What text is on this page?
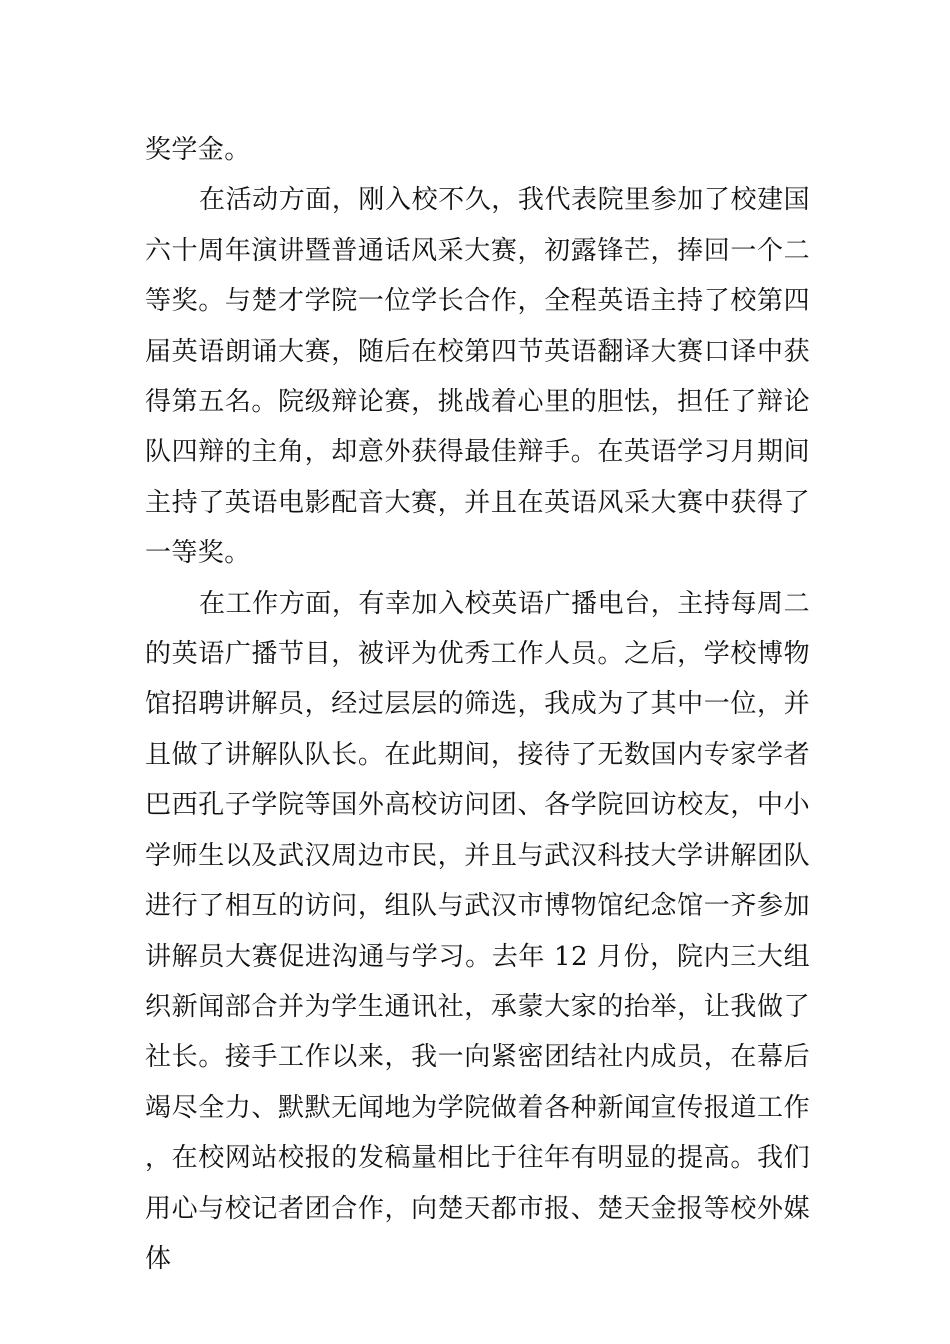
奖学金。

在活动方面，刚入校不久，我代表院里参加了校建国六十周年演讲暨普通话风采大赛，初露锋芒，捧回一个二等奖。与楚才学院一位学长合作，全程英语主持了校第四届英语朗诵大赛，随后在校第四节英语翻译大赛口译中获得第五名。院级辩论赛，挑战着心里的胆怯，担任了辩论队四辩的主角，却意外获得最佳辩手。在英语学习月期间主持了英语电影配音大赛，并且在英语风采大赛中获得了一等奖。

在工作方面，有幸加入校英语广播电台，主持每周二的英语广播节目，被评为优秀工作人员。之后，学校博物馆招聘讲解员，经过层层的筛选，我成为了其中一位，并且做了讲解队队长。在此期间，接待了无数国内专家学者巴西孔子学院等国外高校访问团、各学院回访校友，中小学师生以及武汉周边市民，并且与武汉科技大学讲解团队进行了相互的访问，组队与武汉市博物馆纪念馆一齐参加讲解员大赛促进沟通与学习。去年 12 月份，院内三大组织新闻部合并为学生通讯社，承蒙大家的抬举，让我做了社长。接手工作以来，我一向紧密团结社内成员，在幕后竭尽全力、默默无闻地为学院做着各种新闻宣传报道工作，在校网站校报的发稿量相比于往年有明显的提高。我们用心与校记者团合作，向楚天都市报、楚天金报等校外媒体
